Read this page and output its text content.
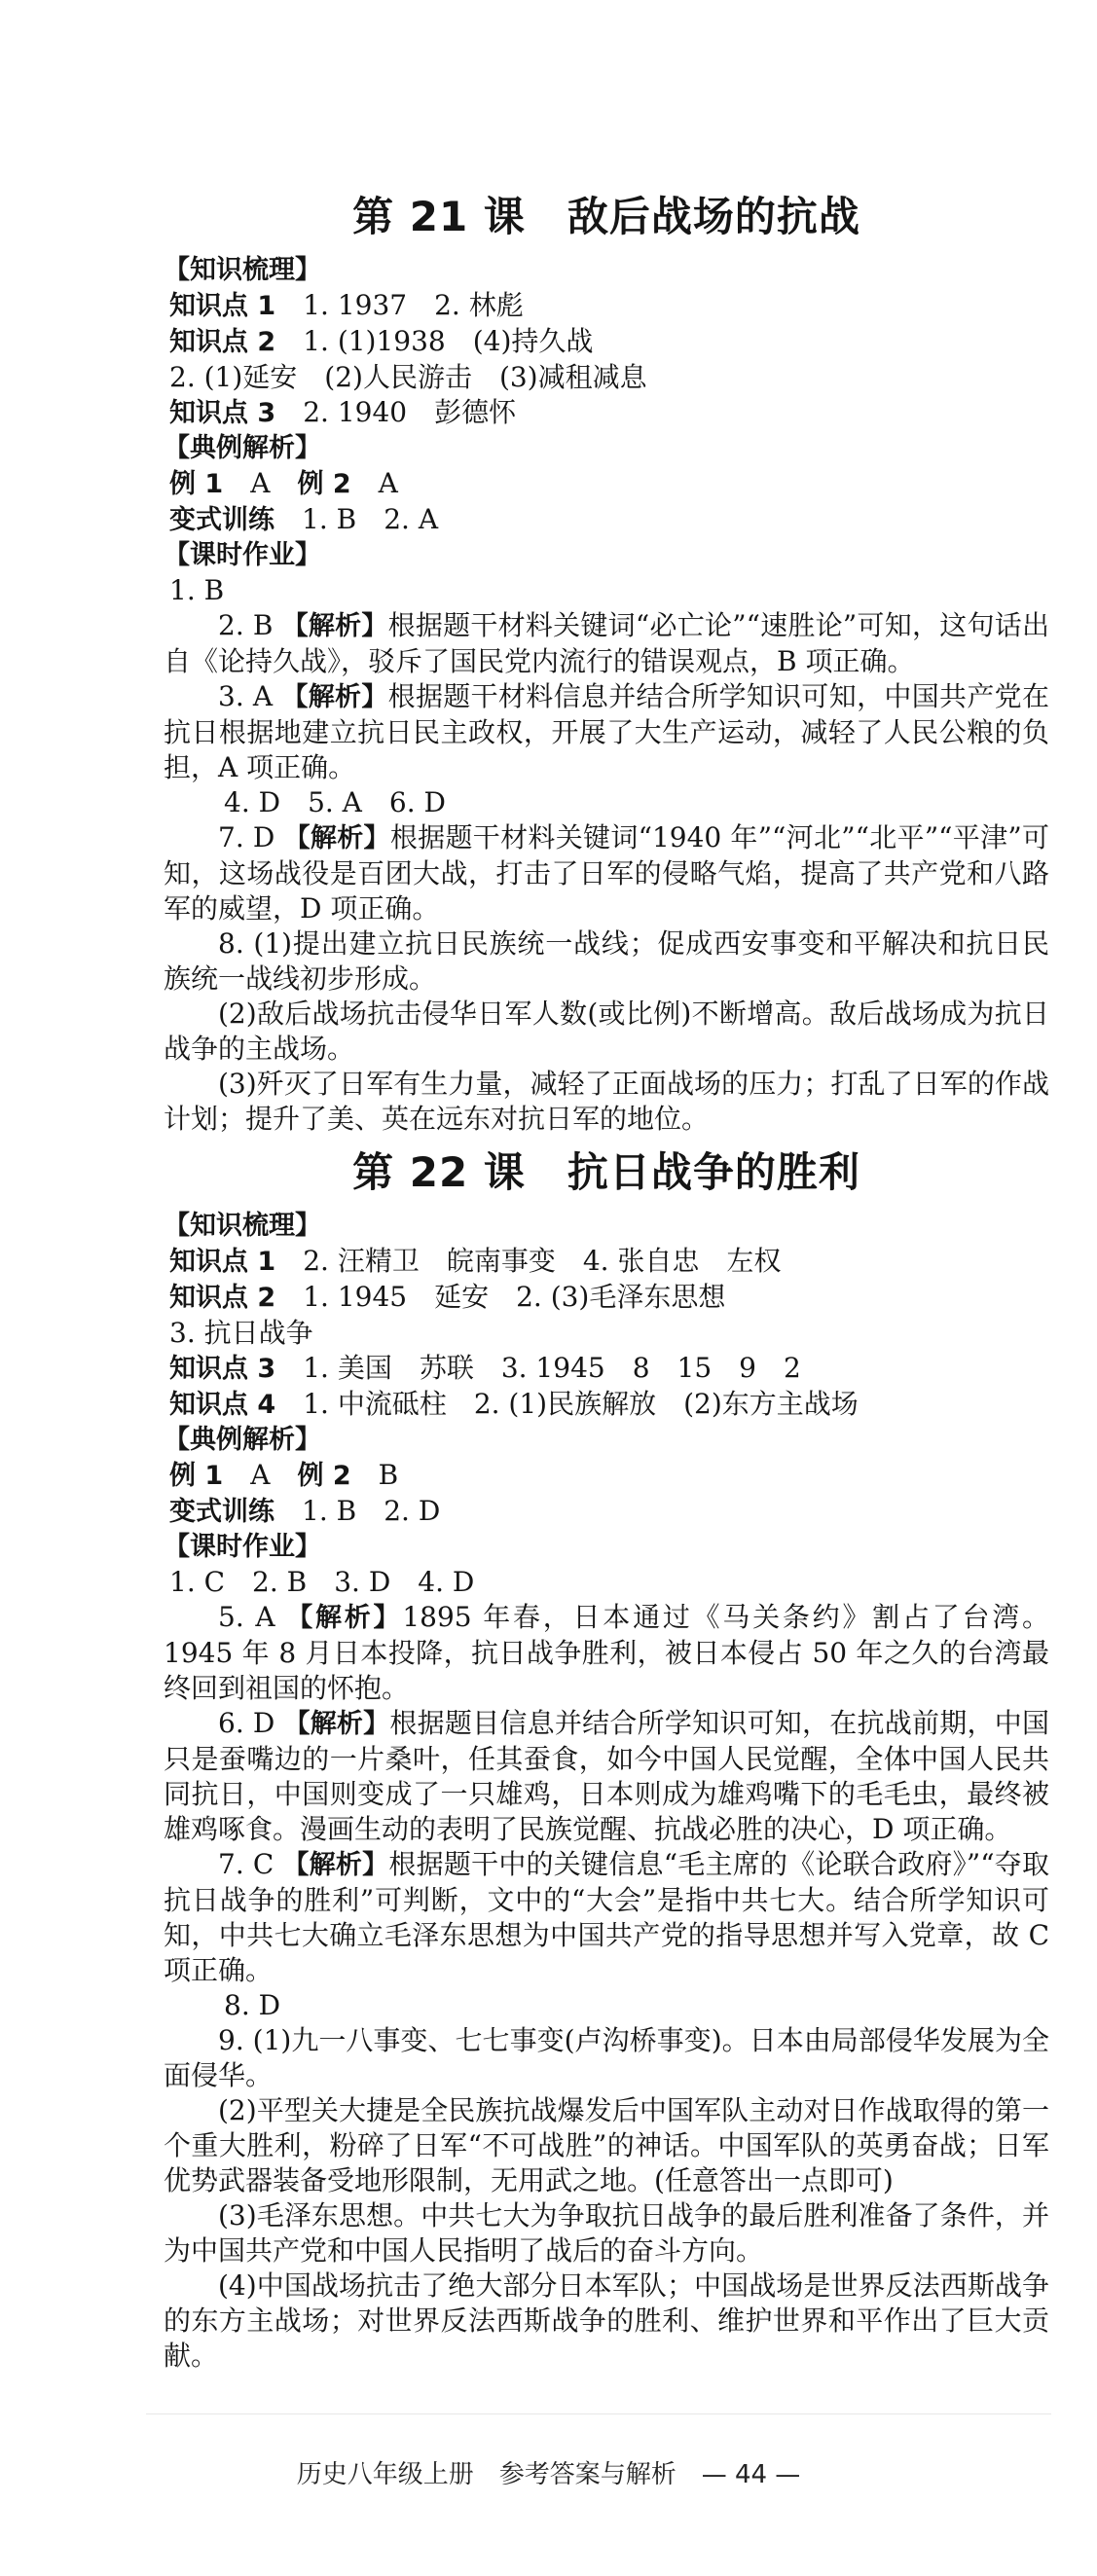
第 21 课　敌后战场的抗战
【知识梳理】
知识点 1　 1. 1937　2. 林彪
知识点 2　 1. (1)1938　(4)持久战
2. (1)延安　(2)人民游击　(3)减租减息
知识点 3　 2. 1940　彭德怀
【典例解析】
例 1　 A　 例 2　 A
变式训练　 1. B　2. A
【课时作业】
1. B
2. B 【解析】根据题干材料关键词“必亡论”“速胜论”可知，这句话出自《论持久战》，驳斥了国民党内流行的错误观点，B 项正确。
3. A 【解析】根据题干材料信息并结合所学知识可知，中国共产党在抗日根据地建立抗日民主政权，开展了大生产运动，减轻了人民公粮的负担，A 项正确。
4. D　5. A　6. D
7. D 【解析】根据题干材料关键词“1940 年”“河北”“北平”“平津”可知，这场战役是百团大战，打击了日军的侵略气焰，提高了共产党和八路军的威望，D 项正确。
8. (1)提出建立抗日民族统一战线；促成西安事变和平解决和抗日民族统一战线初步形成。
(2)敌后战场抗击侵华日军人数(或比例)不断增高。敌后战场成为抗日战争的主战场。
(3)歼灭了日军有生力量，减轻了正面战场的压力；打乱了日军的作战计划；提升了美、英在远东对抗日军的地位。
第 22 课　抗日战争的胜利
【知识梳理】
知识点 1　 2. 汪精卫　皖南事变　4. 张自忠　左权
知识点 2　 1. 1945　延安　2. (3)毛泽东思想
3. 抗日战争
知识点 3　 1. 美国　苏联　3. 1945　8　15　9　2
知识点 4　 1. 中流砥柱　2. (1)民族解放　(2)东方主战场
【典例解析】
例 1　 A　 例 2　 B
变式训练　 1. B　2. D
【课时作业】
1. C　2. B　3. D　4. D
5. A 【解析】1895 年春，日本通过《马关条约》割占了台湾。1945 年 8 月日本投降，抗日战争胜利，被日本侵占 50 年之久的台湾最终回到祖国的怀抱。
6. D 【解析】根据题目信息并结合所学知识可知，在抗战前期，中国只是蚕嘴边的一片桑叶，任其蚕食，如今中国人民觉醒，全体中国人民共同抗日，中国则变成了一只雄鸡，日本则成为雄鸡嘴下的毛毛虫，最终被雄鸡啄食。漫画生动的表明了民族觉醒、抗战必胜的决心，D 项正确。
7. C 【解析】根据题干中的关键信息“毛主席的《论联合政府》”“夺取抗日战争的胜利”可判断，文中的“大会”是指中共七大。结合所学知识可知，中共七大确立毛泽东思想为中国共产党的指导思想并写入党章，故 C 项正确。
8. D
9. (1)九一八事变、七七事变(卢沟桥事变)。日本由局部侵华发展为全面侵华。
(2)平型关大捷是全民族抗战爆发后中国军队主动对日作战取得的第一个重大胜利，粉碎了日军“不可战胜”的神话。中国军队的英勇奋战；日军优势武器装备受地形限制，无用武之地。(任意答出一点即可)
(3)毛泽东思想。中共七大为争取抗日战争的最后胜利准备了条件，并为中国共产党和中国人民指明了战后的奋斗方向。
(4)中国战场抗击了绝大部分日本军队；中国战场是世界反法西斯战争的东方主战场；对世界反法西斯战争的胜利、维护世界和平作出了巨大贡献。
历史八年级上册　参考答案与解析　— 44 —
